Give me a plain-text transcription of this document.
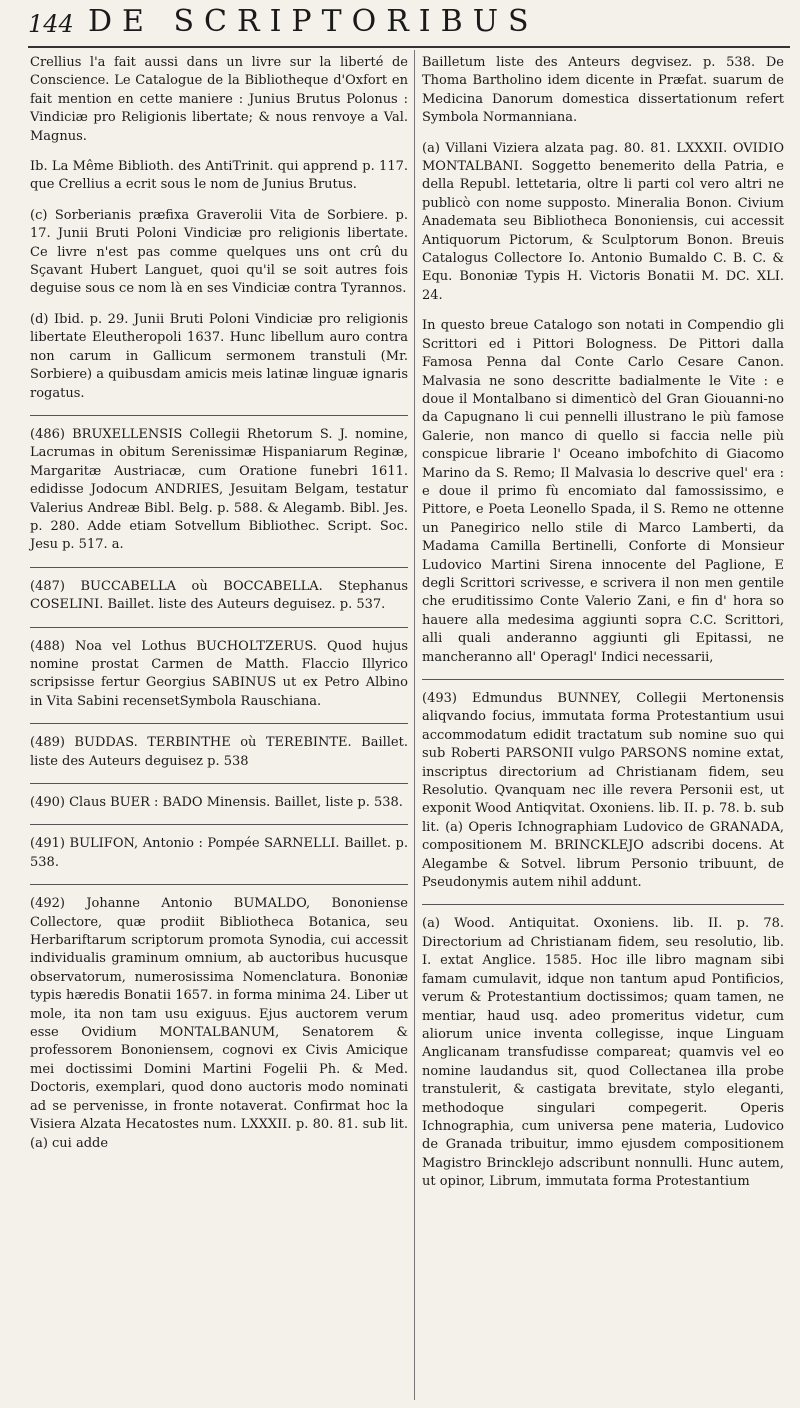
144 DE SCRIPTORIBUS

Crellius l'a fait aussi dans un livre sur la liberté de Conscience. Le Catalogue de la Bibliotheque d'Oxfort en fait mention en cette maniere : Junius Brutus Polonus : Vindiciæ pro Religionis libertate; & nous renvoye a Val. Magnus.

Ib. La Même Biblioth. des AntiTrinit. qui apprend p. 117. que Crellius a ecrit sous le nom de Junius Brutus.

(c) Sorberianis præfixa Graverolii Vita de Sorbiere. p. 17. Junii Bruti Poloni Vindiciæ pro religionis libertate. Ce livre n'est pas comme quelques uns ont crû du Sçavant Hubert Languet, quoi qu'il se soit autres fois deguise sous ce nom là en ses Vindiciæ contra Tyrannos.

(d) Ibid. p. 29. Junii Bruti Poloni Vindiciæ pro religionis libertate Eleutheropoli 1637. Hunc libellum auro contra non carum in Gallicum sermonem transtuli (Mr. Sorbiere) a quibusdam amicis meis latinæ linguæ ignaris rogatus.

(486) BRUXELLENSIS Collegii Rhetorum S. J. nomine, Lacrumas in obitum Serenissimæ Hispaniarum Reginæ, Margaritæ Austriacæ, cum Oratione funebri 1611. edidisse Jodocum ANDRIES, Jesuitam Belgam, testatur Valerius Andreæ Bibl. Belg. p. 588. & Alegamb. Bibl. Jes. p. 280. Adde etiam Sotvellum Bibliothec. Script. Soc. Jesu p. 517. a.

(487) BUCCABELLA où BOCCABELLA. Stephanus COSELINI. Baillet. liste des Auteurs deguisez. p. 537.

(488) Noa vel Lothus BUCHOLTZERUS. Quod hujus nomine prostat Carmen de Matth. Flaccio Illyrico scripsisse fertur Georgius SABINUS ut ex Petro Albino in Vita Sabini recensetSymbola Rauschiana.

(489) BUDDAS. TERBINTHE où TEREBINTE. Baillet. liste des Auteurs deguisez p. 538

(490) Claus BUER : BADO Minensis. Baillet, liste p. 538.

(491) BULIFON, Antonio : Pompée SARNELLI. Baillet. p. 538.

(492) Johanne Antonio BUMALDO, Bononiense Collectore, quæ prodiit Bibliotheca Botanica, seu Herbariftarum scriptorum promota Synodia, cui accessit individualis graminum omnium, ab auctoribus hucusque observatorum, numerosissima Nomenclatura. Bononiæ typis hæredis Bonatii 1657. in forma minima 24. Liber ut mole, ita non tam usu exiguus. Ejus auctorem verum esse Ovidium MONTALBANUM, Senatorem & professorem Bononiensem, cognovi ex Civis Amicique mei doctissimi Domini Martini Fogelii Ph. & Med. Doctoris, exemplari, quod dono auctoris modo nominati ad se pervenisse, in fronte notaverat. Confirmat hoc la Visiera Alzata Hecatostes num. LXXXII. p. 80. 81. sub lit. (a) cui adde

Bailletum liste des Anteurs degvisez. p. 538. De Thoma Bartholino idem dicente in Præfat. suarum de Medicina Danorum domestica dissertationum refert Symbola Normanniana.

(a) Villani Viziera alzata pag. 80. 81. LXXXII. OVIDIO MONTALBANI. Soggetto benemerito della Patria, e della Republ. lettetaria, oltre li parti col vero altri ne publicò con nome supposto. Mineralia Bonon. Civium Anademata seu Bibliotheca Bononiensis, cui accessit Antiquorum Pictorum, & Sculptorum Bonon. Breuis Catalogus Collectore Io. Antonio Bumaldo C. B. C. & Equ. Bononiæ Typis H. Victoris Bonatii M. DC. XLI. 24.

In questo breue Catalogo son notati in Compendio gli Scrittori ed i Pittori Bologness. De Pittori dalla Famosa Penna dal Conte Carlo Cesare Canon. Malvasia ne sono descritte badialmente le Vite : e doue il Montalbano si dimenticò del Gran Giouanni-no da Capugnano li cui pennelli illustrano le più famose Galerie, non manco di quello si faccia nelle più conspicue librarie l' Oceano imbofchito di Giacomo Marino da S. Remo; Il Malvasia lo descrive quel' era : e doue il primo fù encomiato dal famossissimo, e Pittore, e Poeta Leonello Spada, il S. Remo ne ottenne un Panegirico nello stile di Marco Lamberti, da Madama Camilla Bertinelli, Conforte di Monsieur Ludovico Martini Sirena innocente del Paglione, E degli Scrittori scrivesse, e scrivera il non men gentile che eruditissimo Conte Valerio Zani, e fin d' hora so hauere alla medesima aggiunti sopra C.C. Scrittori, alli quali anderanno aggiunti gli Epitassi, ne mancheranno all' Operagl' Indici necessarii,

(493) Edmundus BUNNEY, Collegii Mertonensis aliqvando focius, immutata forma Protestantium usui accommodatum edidit tractatum sub nomine suo qui sub Roberti PARSONII vulgo PARSONS nomine extat, inscriptus directorium ad Christianam fidem, seu Resolutio. Qvanquam nec ille revera Personii est, ut exponit Wood Antiqvitat. Oxoniens. lib. II. p. 78. b. sub lit. (a) Operis Ichnographiam Ludovico de GRANADA, compositionem M. BRINCKLEJO adscribi docens. At Alegambe & Sotvel. librum Personio tribuunt, de Pseudonymis autem nihil addunt.

(a) Wood. Antiquitat. Oxoniens. lib. II. p. 78. Directorium ad Christianam fidem, seu resolutio, lib. I. extat Anglice. 1585. Hoc ille libro magnam sibi famam cumulavit, idque non tantum apud Pontificios, verum & Protestantium doctissimos; quam tamen, ne mentiar, haud usq. adeo promeritus videtur, cum aliorum unice inventa collegisse, inque Linguam Anglicanam transfudisse compareat; quamvis vel eo nomine laudandus sit, quod Collectanea illa probe transtulerit, & castigata brevitate, stylo eleganti, methodoque singulari compegerit. Operis Ichnographia, cum universa pene materia, Ludovico de Granada tribuitur, immo ejusdem compositionem Magistro Brincklejo adscribunt nonnulli. Hunc autem, ut opinor, Librum, immutata forma Protestantium
